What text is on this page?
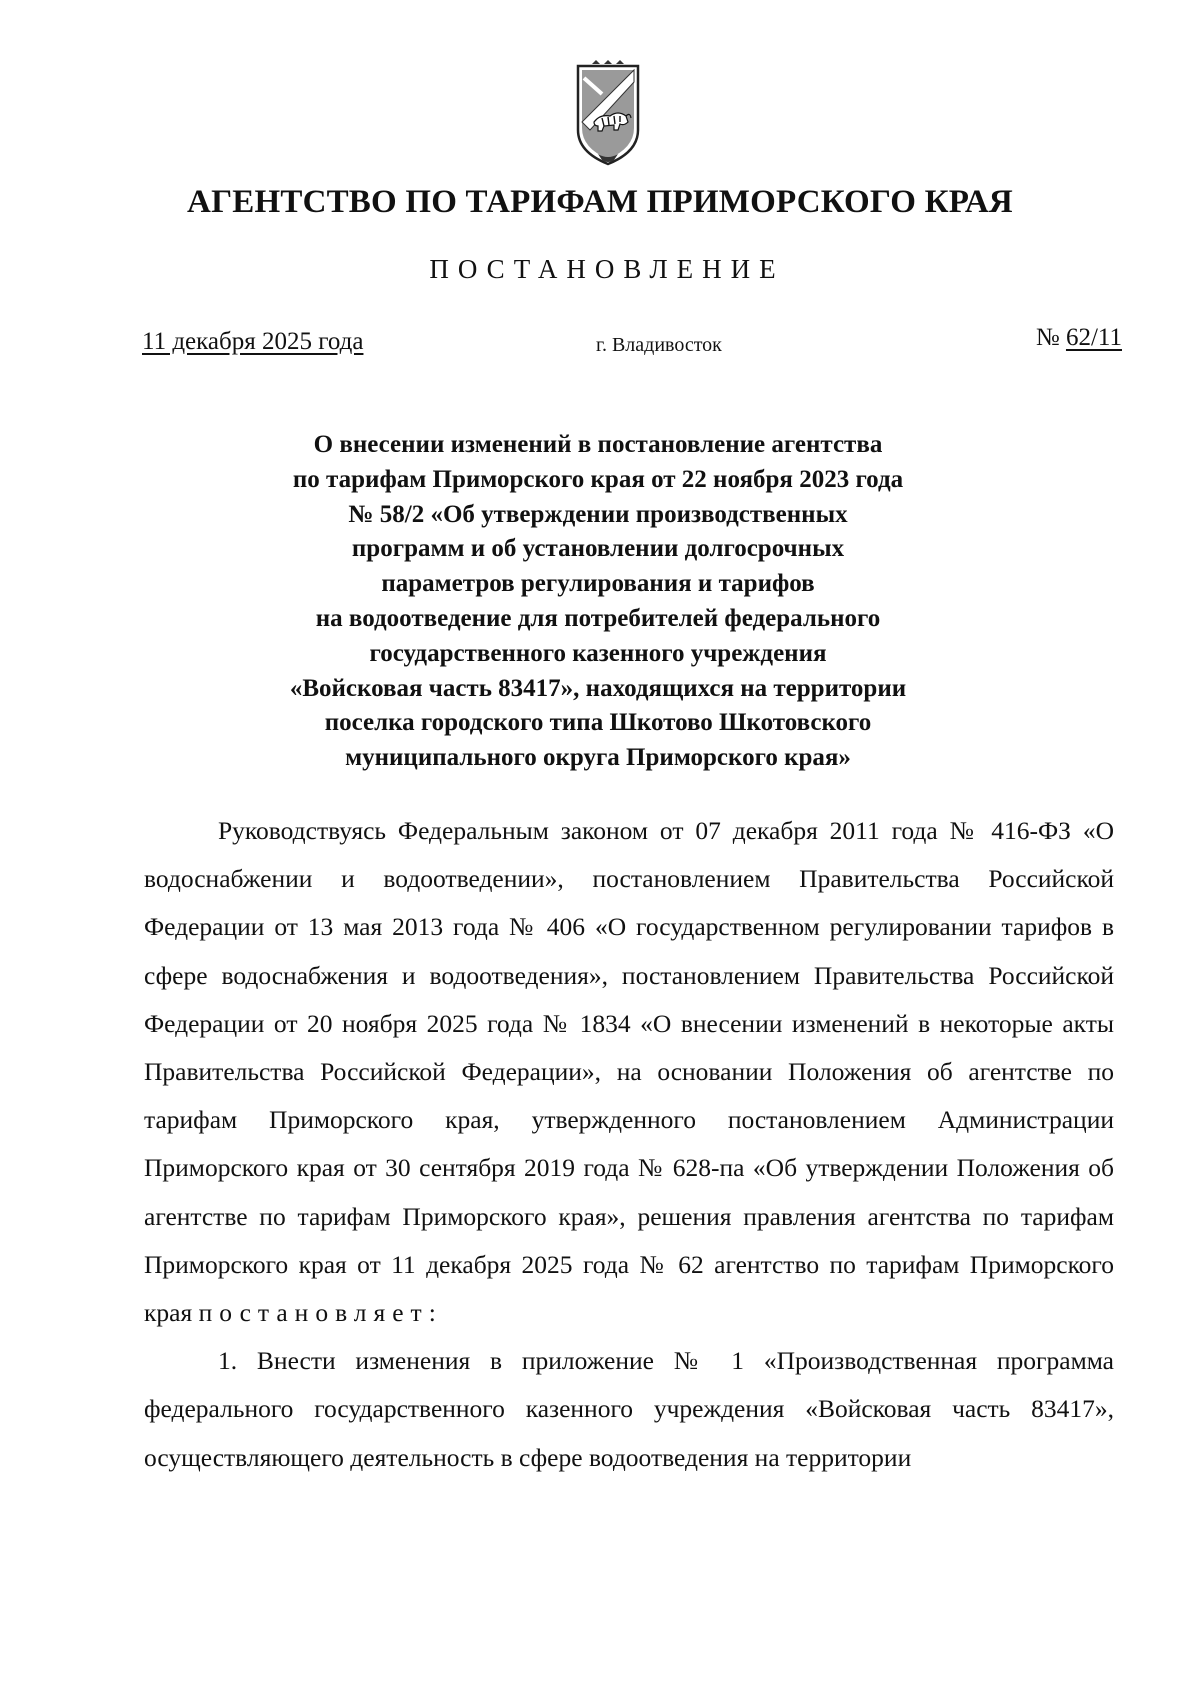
АГЕНТСТВО ПО ТАРИФАМ ПРИМОРСКОГО КРАЯ
ПОСТАНОВЛЕНИЕ
11 декабря 2025 года	г. Владивосток	№ 62/11
О внесении изменений в постановление агентства
по тарифам Приморского края от 22 ноября 2023 года
№ 58/2 «Об утверждении производственных
программ и об установлении долгосрочных
параметров регулирования и тарифов
на водоотведение для потребителей федерального
государственного казенного учреждения
«Войсковая часть 83417», находящихся на территории
поселка городского типа Шкотово Шкотовского
муниципального округа Приморского края»

Руководствуясь Федеральным законом от 07 декабря 2011 года № 416-ФЗ «О водоснабжении и водоотведении», постановлением Правительства Российской Федерации от 13 мая 2013 года № 406 «О государственном регулировании тарифов в сфере водоснабжения и водоотведения», постановлением Правительства Российской Федерации от 20 ноября 2025 года № 1834 «О внесении изменений в некоторые акты Правительства Российской Федерации», на основании Положения об агентстве по тарифам Приморского края, утвержденного постановлением Администрации Приморского края от 30 сентября 2019 года № 628-па «Об утверждении Положения об агентстве по тарифам Приморского края», решения правления агентства по тарифам Приморского края от 11 декабря 2025 года № 62 агентство по тарифам Приморского края постановляет:

1. Внести изменения в приложение № 1 «Производственная программа федерального государственного казенного учреждения «Войсковая часть 83417», осуществляющего деятельность в сфере водоотведения на территории
